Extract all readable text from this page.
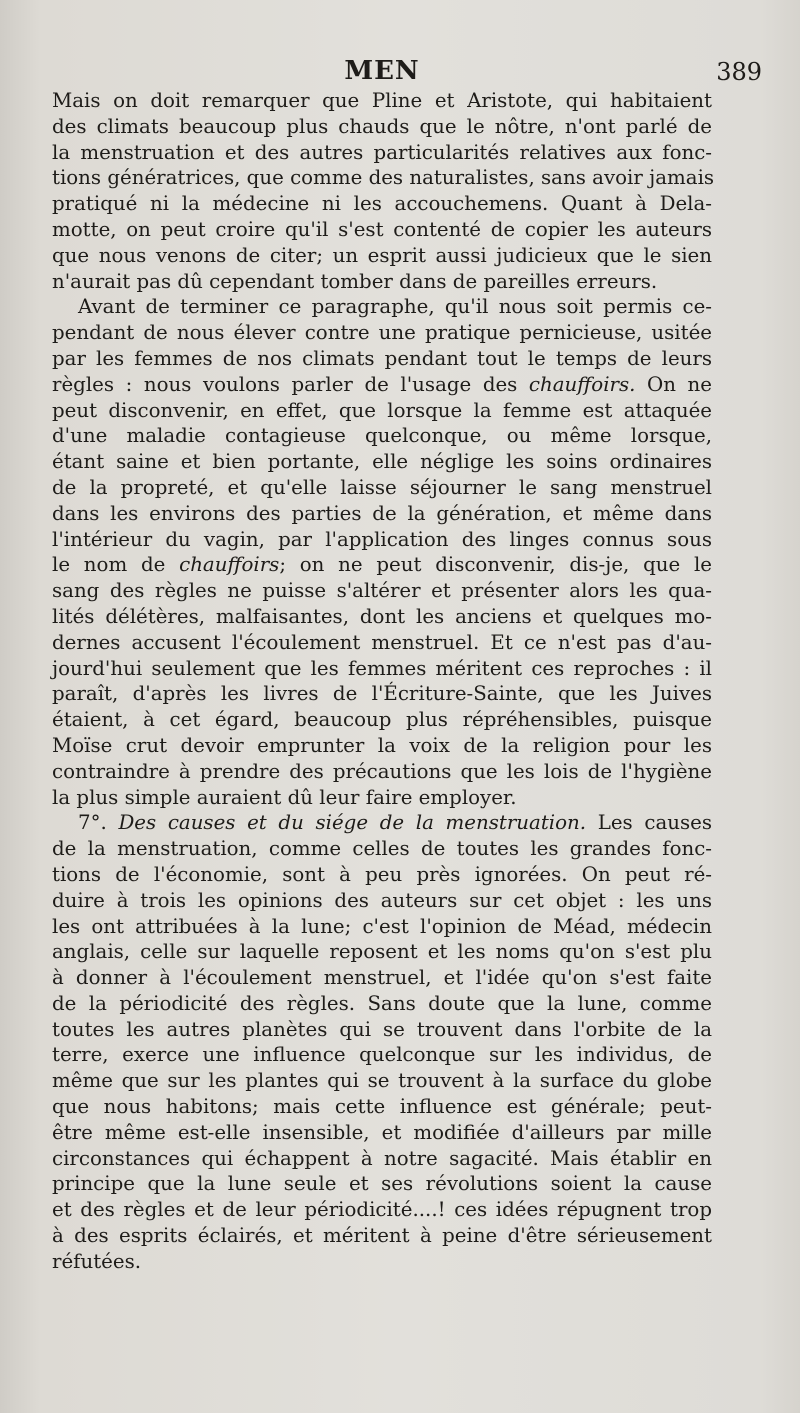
MEN	389
Mais on doit remarquer que Pline et Aristote, qui habitaient
des climats beaucoup plus chauds que le nôtre, n'ont parlé de
la menstruation et des autres particularités relatives aux fonc-
tions génératrices, que comme des naturalistes, sans avoir jamais
pratiqué ni la médecine ni les accouchemens. Quant à Dela-
motte, on peut croire qu'il s'est contenté de copier les auteurs
que nous venons de citer; un esprit aussi judicieux que le sien
n'aurait pas dû cependant tomber dans de pareilles erreurs.
Avant de terminer ce paragraphe, qu'il nous soit permis ce-
pendant de nous élever contre une pratique pernicieuse, usitée
par les femmes de nos climats pendant tout le temps de leurs
règles : nous voulons parler de l'usage des chauffoirs. On ne
peut disconvenir, en effet, que lorsque la femme est attaquée
d'une maladie contagieuse quelconque, ou même lorsque,
étant saine et bien portante, elle néglige les soins ordinaires
de la propreté, et qu'elle laisse séjourner le sang menstruel
dans les environs des parties de la génération, et même dans
l'intérieur du vagin, par l'application des linges connus sous
le nom de chauffoirs; on ne peut disconvenir, dis-je, que le
sang des règles ne puisse s'altérer et présenter alors les qua-
lités délétères, malfaisantes, dont les anciens et quelques mo-
dernes accusent l'écoulement menstruel. Et ce n'est pas d'au-
jourd'hui seulement que les femmes méritent ces reproches : il
paraît, d'après les livres de l'Écriture-Sainte, que les Juives
étaient, à cet égard, beaucoup plus répréhensibles, puisque
Moïse crut devoir emprunter la voix de la religion pour les
contraindre à prendre des précautions que les lois de l'hygiène
la plus simple auraient dû leur faire employer.
7°. Des causes et du siége de la menstruation. Les causes
de la menstruation, comme celles de toutes les grandes fonc-
tions de l'économie, sont à peu près ignorées. On peut ré-
duire à trois les opinions des auteurs sur cet objet : les uns
les ont attribuées à la lune; c'est l'opinion de Méad, médecin
anglais, celle sur laquelle reposent et les noms qu'on s'est plu
à donner à l'écoulement menstruel, et l'idée qu'on s'est faite
de la périodicité des règles. Sans doute que la lune, comme
toutes les autres planètes qui se trouvent dans l'orbite de la
terre, exerce une influence quelconque sur les individus, de
même que sur les plantes qui se trouvent à la surface du globe
que nous habitons; mais cette influence est générale; peut-
être même est-elle insensible, et modifiée d'ailleurs par mille
circonstances qui échappent à notre sagacité. Mais établir en
principe que la lune seule et ses révolutions soient la cause
et des règles et de leur périodicité....! ces idées répugnent trop
à des esprits éclairés, et méritent à peine d'être sérieusement
réfutées.
